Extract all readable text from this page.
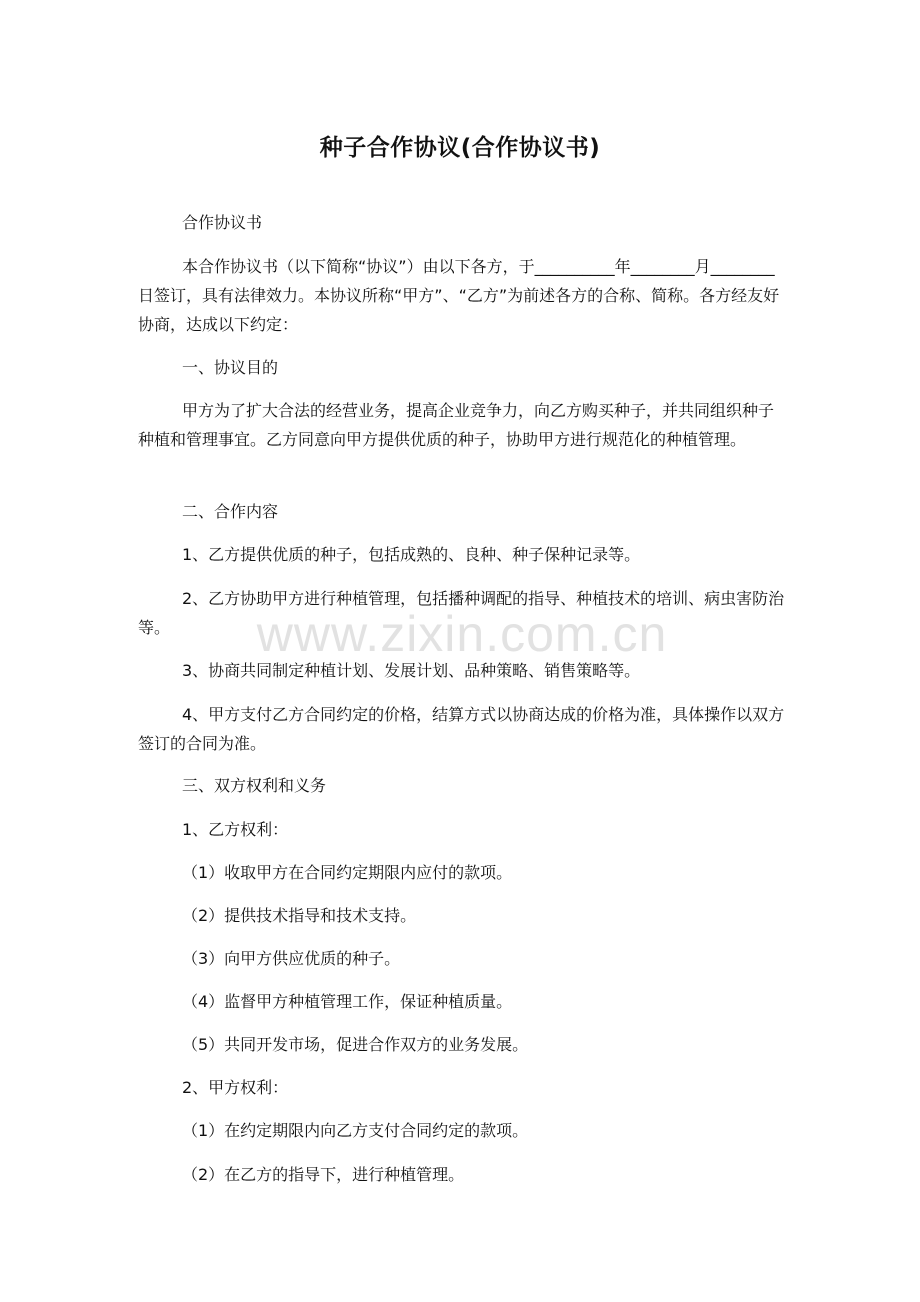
种子合作协议(合作协议书)

合作协议书

本合作协议书（以下简称“协议”）由以下各方，于__________年________月________日签订，具有法律效力。本协议所称“甲方”、“乙方”为前述各方的合称、简称。各方经友好协商，达成以下约定：

一、协议目的

甲方为了扩大合法的经营业务，提高企业竞争力，向乙方购买种子，并共同组织种子种植和管理事宜。乙方同意向甲方提供优质的种子，协助甲方进行规范化的种植管理。

二、合作内容

1、乙方提供优质的种子，包括成熟的、良种、种子保种记录等。

2、乙方协助甲方进行种植管理，包括播种调配的指导、种植技术的培训、病虫害防治等。

3、协商共同制定种植计划、发展计划、品种策略、销售策略等。

4、甲方支付乙方合同约定的价格，结算方式以协商达成的价格为准，具体操作以双方签订的合同为准。

三、双方权利和义务

1、乙方权利：

（1）收取甲方在合同约定期限内应付的款项。

（2）提供技术指导和技术支持。

（3）向甲方供应优质的种子。

（4）监督甲方种植管理工作，保证种植质量。

（5）共同开发市场，促进合作双方的业务发展。

2、甲方权利：

（1）在约定期限内向乙方支付合同约定的款项。

（2）在乙方的指导下，进行种植管理。

www.zixin.com.cn
